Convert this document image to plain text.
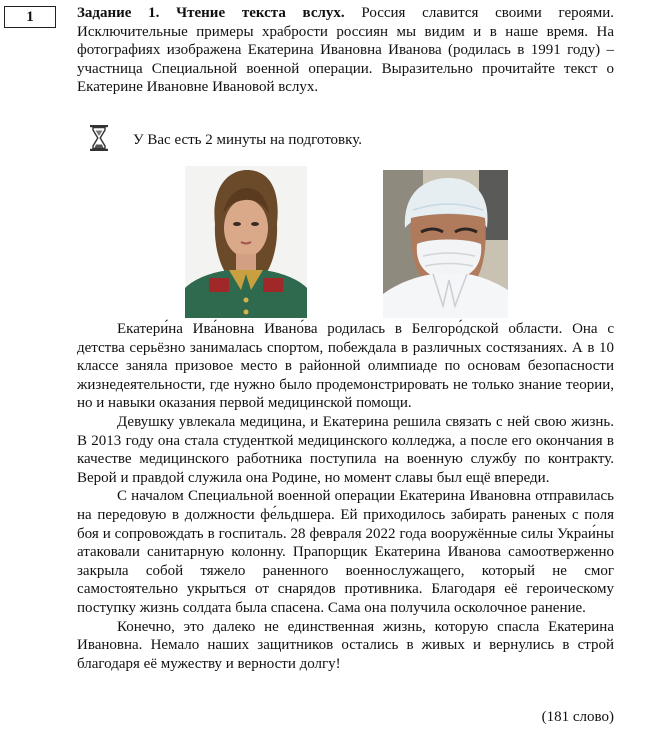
1	Задание 1. Чтение текста вслух. Россия славится своими героями. Исключительные примеры храбрости россиян мы видим и в наше время. На фотографиях изображена Екатерина Ивановна Иванова (родилась в 1991 году) – участница Специальной военной операции. Выразительно прочитайте текст о Екатерине Ивановне Ивановой вслух.

У Вас есть 2 минуты на подготовку.

Екатери́на Ива́новна Ивано́ва родилась в Белгоро́дской области. Она с детства серьёзно занималась спортом, побеждала в различных состязаниях. А в 10 классе заняла призовое место в районной олимпиаде по основам безопасности жизнедеятельности, где нужно было продемонстрировать не только знание теории, но и навыки оказания первой медицинской помощи.

Девушку увлекала медицина, и Екатерина решила связать с ней свою жизнь. В 2013 году она стала студенткой медицинского колледжа, а после его окончания в качестве медицинского работника поступила на военную службу по контракту. Верой и правдой служила она Родине, но момент славы был ещё впереди.

С началом Специальной военной операции Екатерина Ивановна отправилась на передовую в должности фе́льдшера. Ей приходилось забирать раненых с поля боя и сопровождать в госпиталь. 28 февраля 2022 года вооружённые силы Украи́ны атаковали санитарную колонну. Прапорщик Екатерина Иванова самоотверженно закрыла собой тяжело раненного военнослужащего, который не смог самостоятельно укрыться от снарядов противника. Благодаря её героическому поступку жизнь солдата была спасена. Сама она получила осколочное ранение.

Конечно, это далеко не единственная жизнь, которую спасла Екатерина Ивановна. Немало наших защитников остались в живых и вернулись в строй благодаря её мужеству и верности долгу!

(181 слово)
